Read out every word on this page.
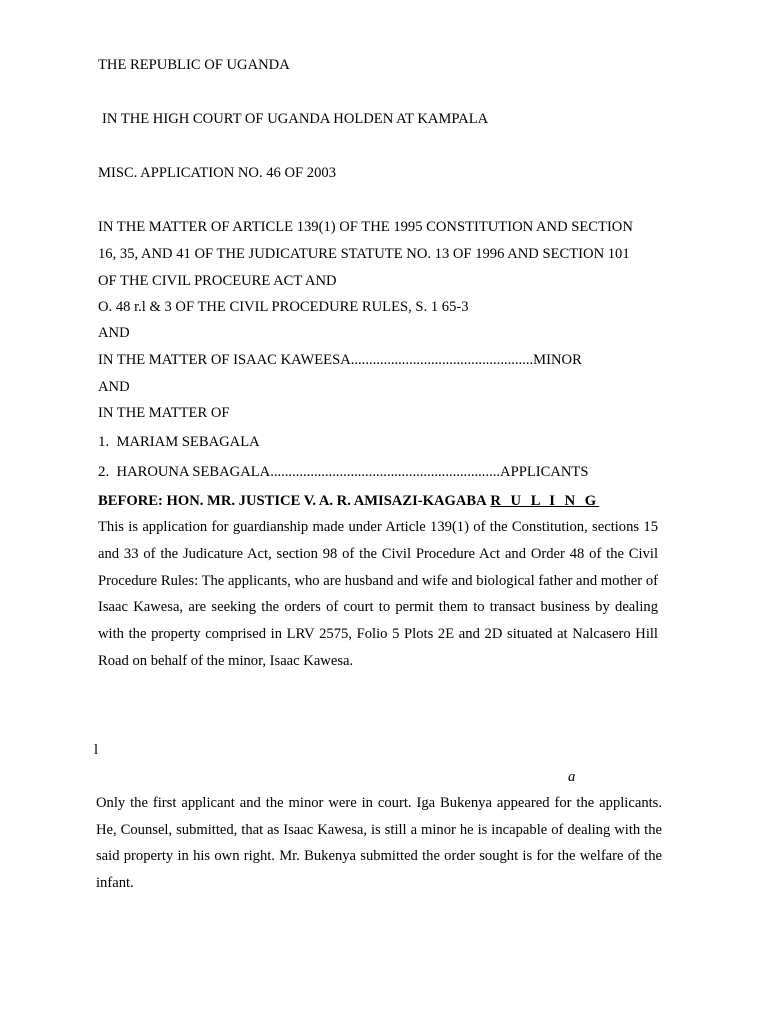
THE REPUBLIC OF UGANDA
IN THE HIGH COURT OF UGANDA HOLDEN AT KAMPALA
MISC. APPLICATION NO. 46 OF 2003
IN THE MATTER OF ARTICLE 139(1) OF THE 1995 CONSTITUTION AND SECTION
16, 35, AND 41 OF THE JUDICATURE STATUTE NO. 13 OF 1996 AND SECTION 101
OF THE CIVIL PROCEURE ACT AND
O. 48 r.l & 3 OF THE CIVIL PROCEDURE RULES, S. 1 65-3
AND
IN THE MATTER OF ISAAC KAWEESA..................................................MINOR
AND
IN THE MATTER OF
1. MARIAM SEBAGALA
2. HAROUNA SEBAGALA...............................................................APPLICANTS
BEFORE: HON. MR. JUSTICE V. A. R. AMISAZI-KAGABA R U L I N G
This is application for guardianship made under Article 139(1) of the Constitution, sections 15 and 33 of the Judicature Act, section 98 of the Civil Procedure Act and Order 48 of the Civil Procedure Rules: The applicants, who are husband and wife and biological father and mother of Isaac Kawesa, are seeking the orders of court to permit them to transact business by dealing with the property comprised in LRV 2575, Folio 5 Plots 2E and 2D situated at Nalcasero Hill Road on behalf of the minor, Isaac Kawesa.
l
a
Only the first applicant and the minor were in court. Iga Bukenya appeared for the applicants. He, Counsel, submitted, that as Isaac Kawesa, is still a minor he is incapable of dealing with the said property in his own right. Mr. Bukenya submitted the order sought is for the welfare of the infant.
